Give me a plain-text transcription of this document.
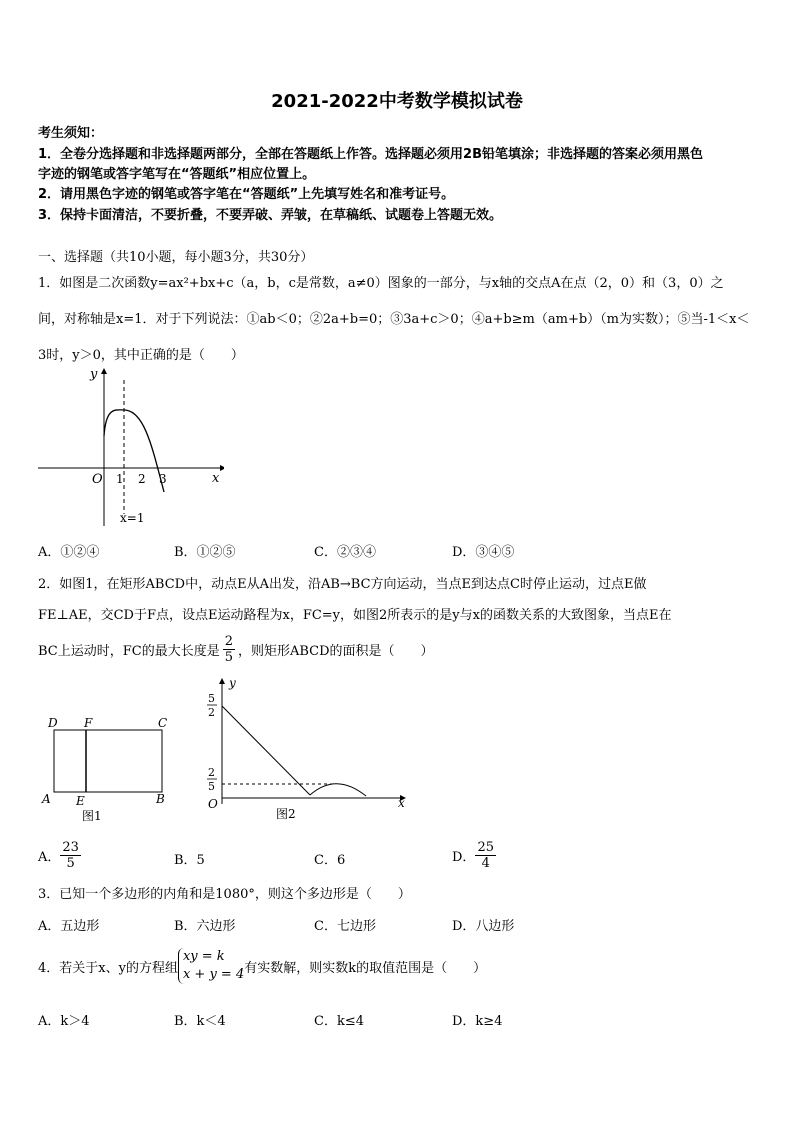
2021-2022中考数学模拟试卷
考生须知：
1．全卷分选择题和非选择题两部分，全部在答题纸上作答。选择题必须用2B铅笔填涂；非选择题的答案必须用黑色
字迹的钢笔或答字笔写在“答题纸”相应位置上。
2．请用黑色字迹的钢笔或答字笔在“答题纸”上先填写姓名和准考证号。
3．保持卡面清洁，不要折叠，不要弄破、弄皱，在草稿纸、试题卷上答题无效。
一、选择题（共10小题，每小题3分，共30分）
1．如图是二次函数y=ax²+bx+c（a，b，c是常数，a≠0）图象的一部分，与x轴的交点A在点（2，0）和（3，0）之
间，对称轴是x=1．对于下列说法：①ab＜0；②2a+b=0；③3a+c＞0；④a+b≥m（am+b）（m为实数）；⑤当-1＜x＜
3时，y＞0，其中正确的是（　　）
y
x
O 1 2 3
x=1
A．①②④	B．①②⑤	C．②③④	D．③④⑤
2．如图1，在矩形ABCD中，动点E从A出发，沿AB→BC方向运动，当点E到达点C时停止运动，过点E做
FE⊥AE，交CD于F点，设点E运动路程为x，FC=y，如图2所表示的是y与x的函数关系的大致图象，当点E在
BC上运动时，FC的最大长度是 $\frac{2}{5}$ ，则矩形ABCD的面积是（　　）
D F	C
A E	B
图1
y
x
O
5
2
2
5
图2
A． $\frac{23}{5}$	B．5	C．6	D． $\frac{25}{4}$
3．已知一个多边形的内角和是1080°，则这个多边形是（　　）
A．五边形	B．六边形	C．七边形	D．八边形
4．若关于x、y的方程组
xy = k
x + y = 4 有实数解，则实数k的取值范围是（　　）
A．k＞4	B．k＜4	C．k≤4	D．k≥4
